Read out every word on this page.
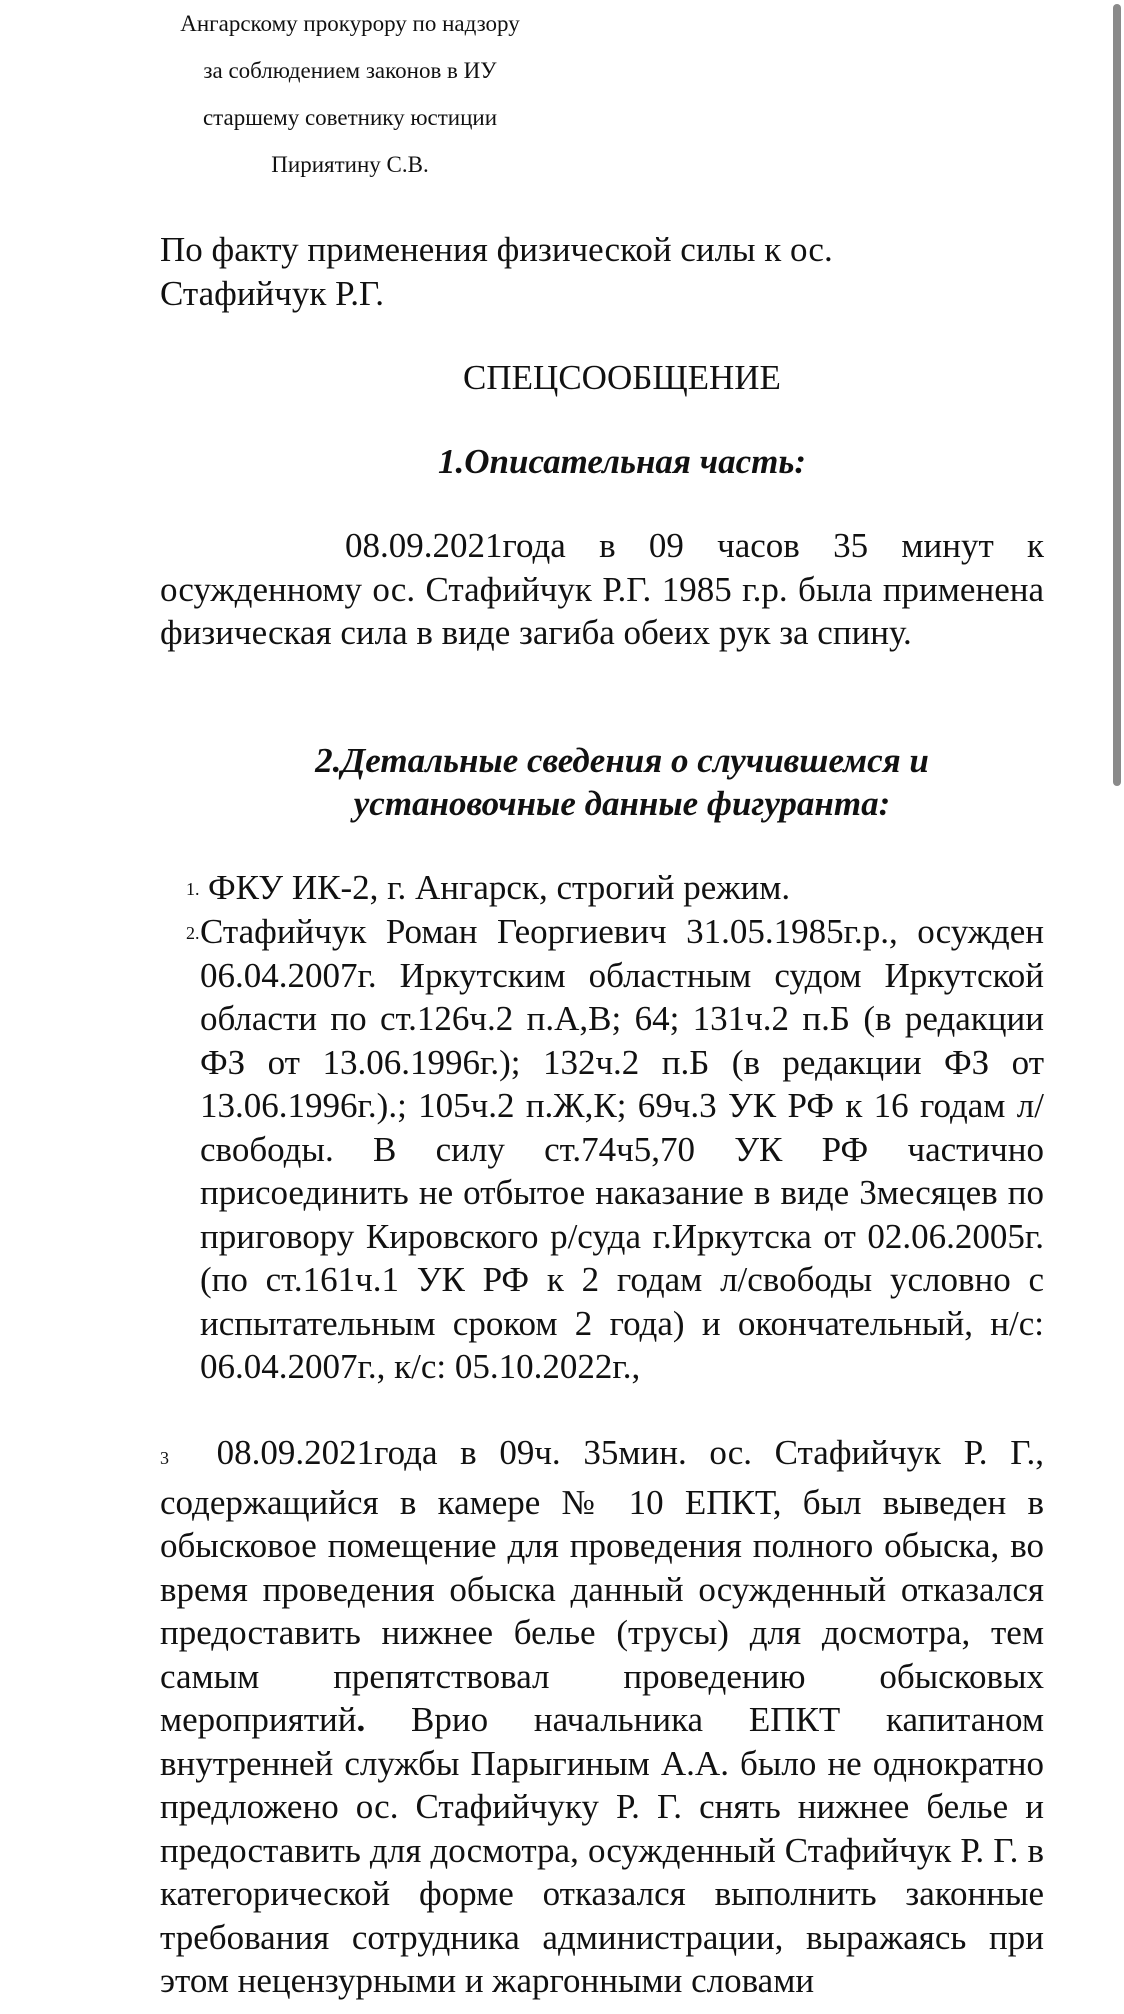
Ангарскому прокурору по надзору
за соблюдением законов в ИУ
старшему советнику юстиции
Пириятину С.В.
По факту применения физической силы к ос. Стафийчук Р.Г.
СПЕЦСООБЩЕНИЕ
1.Описательная часть:
08.09.2021года в 09 часов 35 минут к осужденному ос. Стафийчук Р.Г. 1985 г.р. была применена физическая сила в виде загиба обеих рук за спину.
2.Детальные сведения о случившемся и
установочные данные фигуранта:
1. ФКУ ИК-2, г. Ангарск, строгий режим.
2. Стафийчук Роман Георгиевич 31.05.1985г.р., осужден 06.04.2007г. Иркутским областным судом Иркутской области по ст.126ч.2 п.А,В; 64; 131ч.2 п.Б (в редакции ФЗ от 13.06.1996г.); 132ч.2 п.Б (в редакции ФЗ от 13.06.1996г.).; 105ч.2 п.Ж,К; 69ч.3 УК РФ к 16 годам л/свободы. В силу ст.74ч5,70 УК РФ частично присоединить не отбытое наказание в виде 3месяцев по приговору Кировского р/суда г.Иркутска от 02.06.2005г. (по ст.161ч.1 УК РФ к 2 годам л/свободы условно с испытательным сроком 2 года) и окончательный, н/с: 06.04.2007г., к/с: 05.10.2022г.,
3 08.09.2021года в 09ч. 35мин. ос. Стафийчук Р. Г., содержащийся в камере № 10 ЕПКТ, был выведен в обысковое помещение для проведения полного обыска, во время проведения обыска данный осужденный отказался предоставить нижнее белье (трусы) для досмотра, тем самым препятствовал проведению обысковых мероприятий. Врио начальника ЕПКТ капитаном внутренней службы Парыгиным А.А. было не однократно предложено ос. Стафийчуку Р. Г. снять нижнее белье и предоставить для досмотра, осужденный Стафийчук Р. Г. в категорической форме отказался выполнить законные требования сотрудника администрации, выражаясь при этом нецензурными и жаргонными словами
